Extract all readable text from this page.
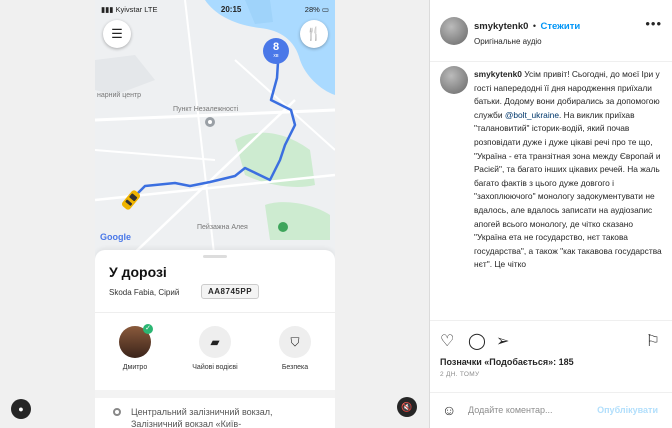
нарний центр
Пункт Незалежності
Пейзажна Алея
☰	🍴
8
хв
Google
▮▮▮ Kyivstar LTE	20:15	28% ▭
У дорозі
Skoda Fabia, Сірий	AA8745PP
✓
Дмитро
▰
Чайові водієві
⛉
Безпека
Центральний залізничний вокзал,
Залізничний вокзал «Київ-
●	🔇
smykytenk0 • Стежити
Оригінальне аудіо
•••
smykytenk0 Усім привіт! Сьогодні, до моєї Іри у гості напередодні її дня народження приїхали батьки. Додому вони добирались за допомогою служби @bolt_ukraine. На виклик приїхав "талановитий" історик-водій, який почав розповідати дуже і дуже цікаві речі про те що, "Україна - ета транзітная зона между Європай и Расієй", та багато інших цікавих речей. На жаль багато фактів з цього дуже довгого і "захоплюючого" монологу задокументувати не вдалось, але вдалось записати на аудіозапис апогей всього монологу, де чітко сказано "Україна ета не государство, нєт такова государства", а також "как такавова государства нєт". Це чітко
♡ ◯ ➢	⚐
Позначки «Подобається»: 185
2 ДН. ТОМУ
☺ Додайте коментар...	Опублікувати
